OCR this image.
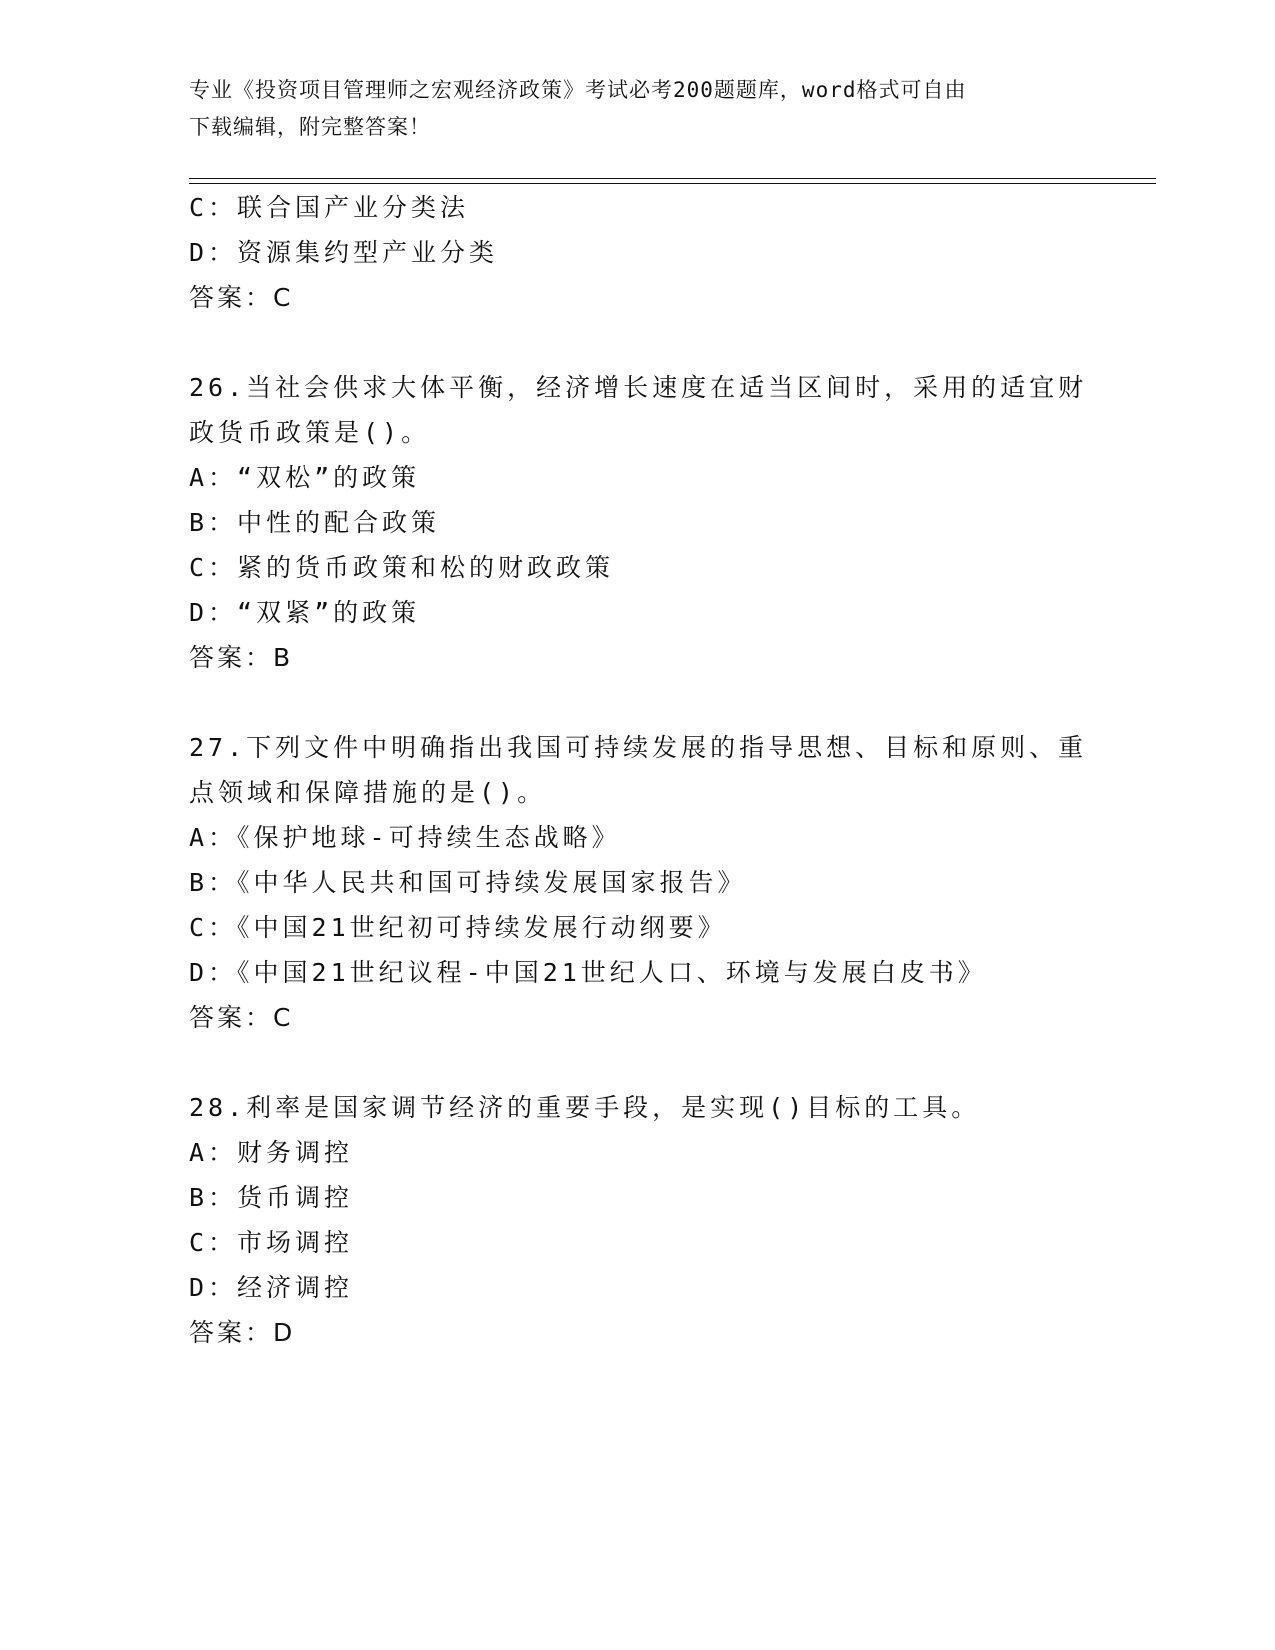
专业《投资项目管理师之宏观经济政策》考试必考200题题库，word格式可自由
下载编辑，附完整答案！
C：联合国产业分类法
D：资源集约型产业分类
答案：C
26.当社会供求大体平衡，经济增长速度在适当区间时，采用的适宜财
政货币政策是()。
A：“双松”的政策
B：中性的配合政策
C：紧的货币政策和松的财政政策
D：“双紧”的政策
答案：B
27.下列文件中明确指出我国可持续发展的指导思想、目标和原则、重
点领域和保障措施的是()。
A：《保护地球-可持续生态战略》
B：《中华人民共和国可持续发展国家报告》
C：《中国21世纪初可持续发展行动纲要》
D：《中国21世纪议程-中国21世纪人口、环境与发展白皮书》
答案：C
28.利率是国家调节经济的重要手段，是实现()目标的工具。
A：财务调控
B：货币调控
C：市场调控
D：经济调控
答案：D
